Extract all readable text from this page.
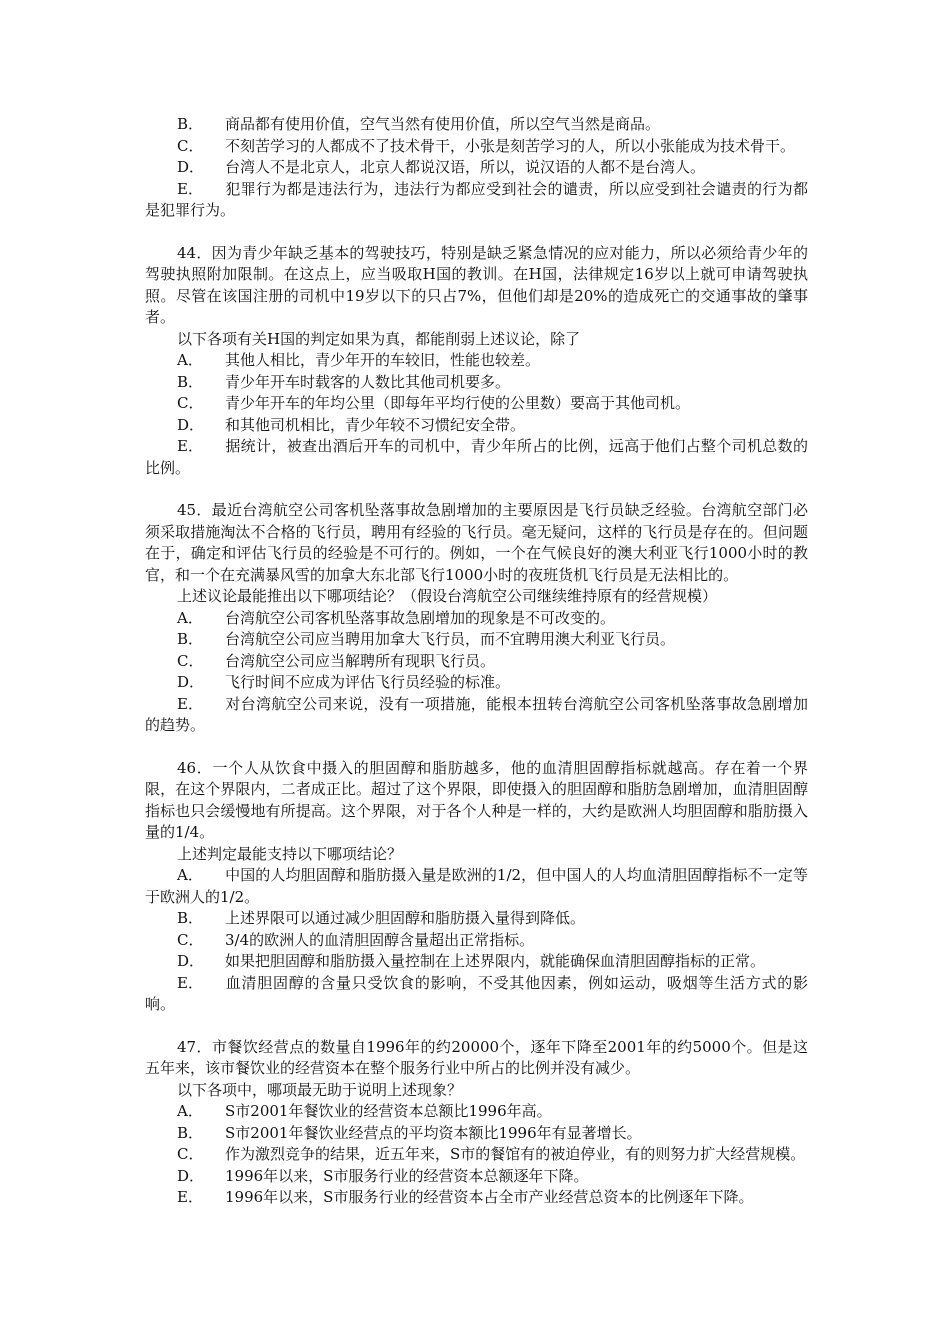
B． 商品都有使用价值，空气当然有使用价值，所以空气当然是商品。

C． 不刻苦学习的人都成不了技术骨干，小张是刻苦学习的人，所以小张能成为技术骨干。

D． 台湾人不是北京人，北京人都说汉语，所以，说汉语的人都不是台湾人。

E． 犯罪行为都是违法行为，违法行为都应受到社会的谴责，所以应受到社会谴责的行为都是犯罪行为。

44．因为青少年缺乏基本的驾驶技巧，特别是缺乏紧急情况的应对能力，所以必须给青少年的驾驶执照附加限制。在这点上，应当吸取H国的教训。在H国，法律规定16岁以上就可申请驾驶执照。尽管在该国注册的司机中19岁以下的只占7%，但他们却是20%的造成死亡的交通事故的肇事者。

以下各项有关H国的判定如果为真，都能削弱上述议论，除了

A． 其他人相比，青少年开的车较旧，性能也较差。

B． 青少年开车时载客的人数比其他司机要多。

C． 青少年开车的年均公里（即每年平均行使的公里数）要高于其他司机。

D． 和其他司机相比，青少年较不习惯纪安全带。

E． 据统计，被查出酒后开车的司机中，青少年所占的比例，远高于他们占整个司机总数的比例。

45．最近台湾航空公司客机坠落事故急剧增加的主要原因是飞行员缺乏经验。台湾航空部门必须采取措施淘汰不合格的飞行员，聘用有经验的飞行员。毫无疑问，这样的飞行员是存在的。但问题在于，确定和评估飞行员的经验是不可行的。例如，一个在气候良好的澳大利亚飞行1000小时的教官，和一个在充满暴风雪的加拿大东北部飞行1000小时的夜班货机飞行员是无法相比的。

上述议论最能推出以下哪项结论？（假设台湾航空公司继续维持原有的经营规模）

A． 台湾航空公司客机坠落事故急剧增加的现象是不可改变的。

B． 台湾航空公司应当聘用加拿大飞行员，而不宜聘用澳大利亚飞行员。

C． 台湾航空公司应当解聘所有现职飞行员。

D． 飞行时间不应成为评估飞行员经验的标准。

E． 对台湾航空公司来说，没有一项措施，能根本扭转台湾航空公司客机坠落事故急剧增加的趋势。

46．一个人从饮食中摄入的胆固醇和脂肪越多，他的血清胆固醇指标就越高。存在着一个界限，在这个界限内，二者成正比。超过了这个界限，即使摄入的胆固醇和脂肪急剧增加，血清胆固醇指标也只会缓慢地有所提高。这个界限，对于各个人种是一样的，大约是欧洲人均胆固醇和脂肪摄入量的1/4。

上述判定最能支持以下哪项结论？

A． 中国的人均胆固醇和脂肪摄入量是欧洲的1/2，但中国人的人均血清胆固醇指标不一定等于欧洲人的1/2。

B． 上述界限可以通过减少胆固醇和脂肪摄入量得到降低。

C． 3/4的欧洲人的血清胆固醇含量超出正常指标。

D． 如果把胆固醇和脂肪摄入量控制在上述界限内，就能确保血清胆固醇指标的正常。

E． 血清胆固醇的含量只受饮食的影响，不受其他因素，例如运动，吸烟等生活方式的影响。

47．市餐饮经营点的数量自1996年的约20000个，逐年下降至2001年的约5000个。但是这五年来，该市餐饮业的经营资本在整个服务行业中所占的比例并没有减少。

以下各项中，哪项最无助于说明上述现象？

A． S市2001年餐饮业的经营资本总额比1996年高。

B． S市2001年餐饮业经营点的平均资本额比1996年有显著增长。

C． 作为激烈竞争的结果，近五年来，S市的餐馆有的被迫停业，有的则努力扩大经营规模。

D． 1996年以来，S市服务行业的经营资本总额逐年下降。

E． 1996年以来，S市服务行业的经营资本占全市产业经营总资本的比例逐年下降。
